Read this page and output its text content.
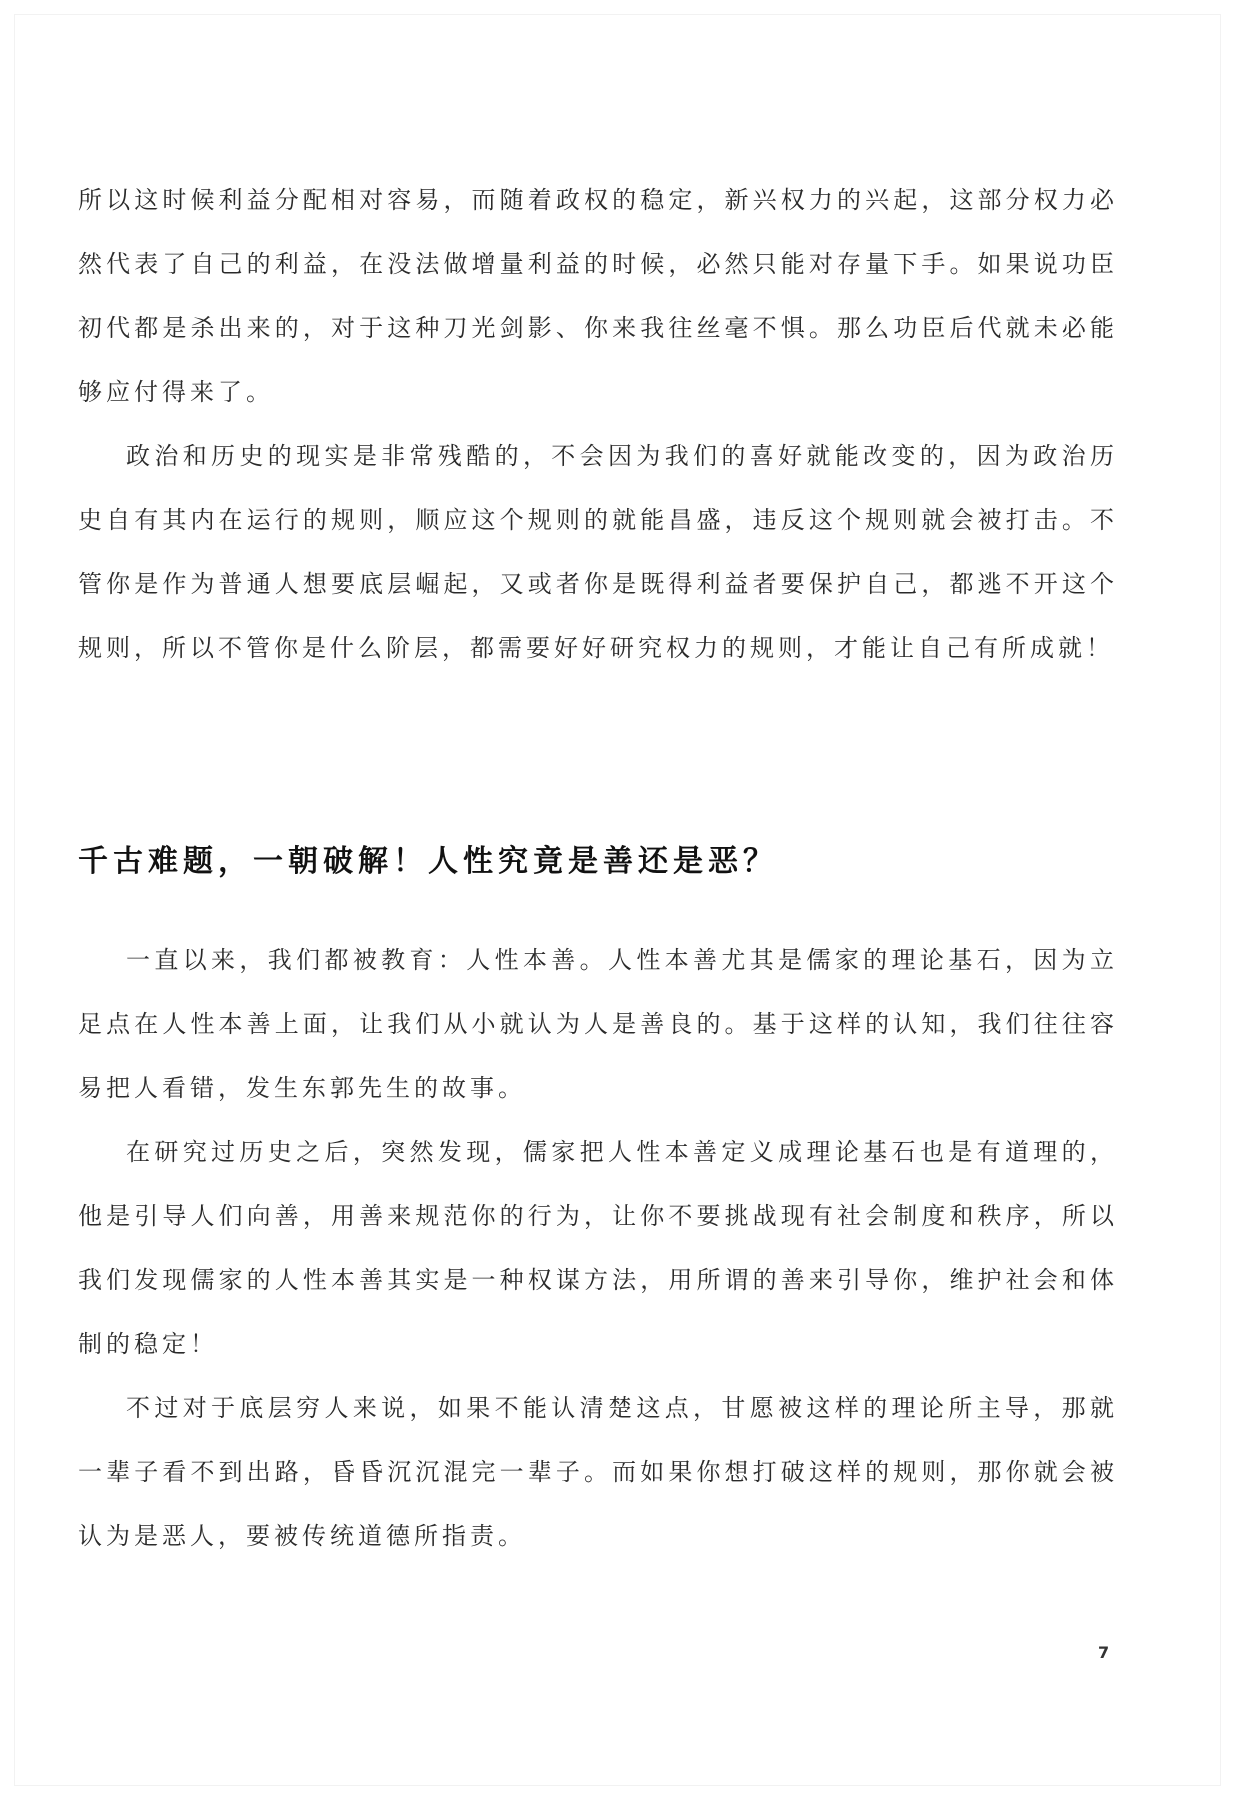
所以这时候利益分配相对容易，而随着政权的稳定，新兴权力的兴起，这部分权力必然代表了自己的利益，在没法做增量利益的时候，必然只能对存量下手。如果说功臣初代都是杀出来的，对于这种刀光剑影、你来我往丝毫不惧。那么功臣后代就未必能够应付得来了。

政治和历史的现实是非常残酷的，不会因为我们的喜好就能改变的，因为政治历史自有其内在运行的规则，顺应这个规则的就能昌盛，违反这个规则就会被打击。不管你是作为普通人想要底层崛起，又或者你是既得利益者要保护自己，都逃不开这个规则，所以不管你是什么阶层，都需要好好研究权力的规则，才能让自己有所成就！

千古难题，一朝破解！人性究竟是善还是恶？

一直以来，我们都被教育：人性本善。人性本善尤其是儒家的理论基石，因为立足点在人性本善上面，让我们从小就认为人是善良的。基于这样的认知，我们往往容易把人看错，发生东郭先生的故事。

在研究过历史之后，突然发现，儒家把人性本善定义成理论基石也是有道理的，他是引导人们向善，用善来规范你的行为，让你不要挑战现有社会制度和秩序，所以我们发现儒家的人性本善其实是一种权谋方法，用所谓的善来引导你，维护社会和体制的稳定！

不过对于底层穷人来说，如果不能认清楚这点，甘愿被这样的理论所主导，那就一辈子看不到出路，昏昏沉沉混完一辈子。而如果你想打破这样的规则，那你就会被认为是恶人，要被传统道德所指责。

7
